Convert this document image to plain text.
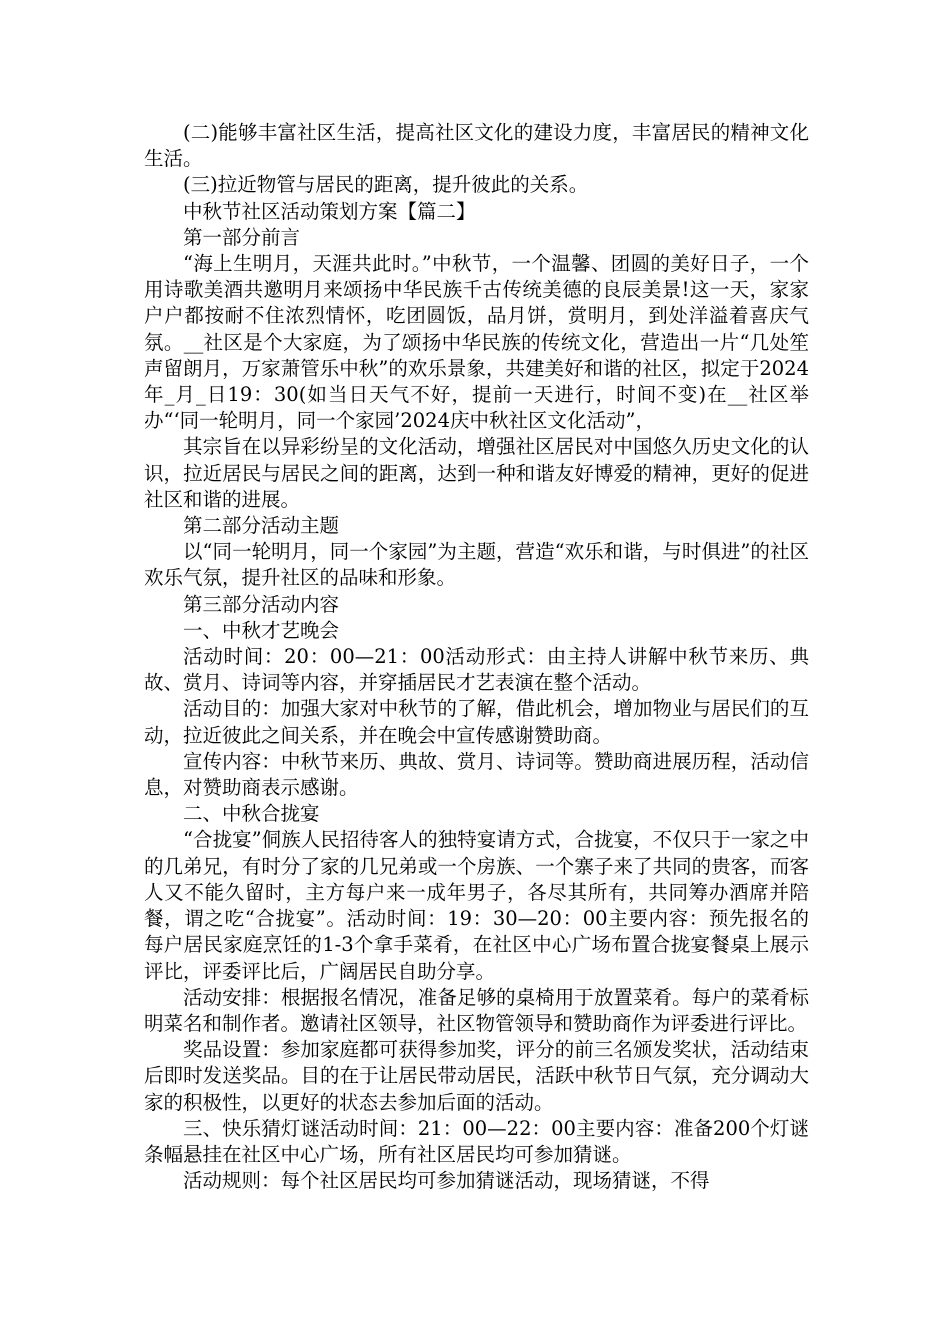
(二)能够丰富社区生活，提高社区文化的建设力度，丰富居民的精神文化生活。

(三)拉近物管与居民的距离，提升彼此的关系。

中秋节社区活动策划方案【篇二】

第一部分前言

“海上生明月，天涯共此时。”中秋节，一个温馨、团圆的美好日子，一个用诗歌美酒共邀明月来颂扬中华民族千古传统美德的良辰美景!这一天，家家户户都按耐不住浓烈情怀，吃团圆饭，品月饼，赏明月，到处洋溢着喜庆气氛。__社区是个大家庭，为了颂扬中华民族的传统文化，营造出一片“几处笙声留朗月，万家萧管乐中秋”的欢乐景象，共建美好和谐的社区，拟定于2024年_月_日19：30(如当日天气不好，提前一天进行，时间不变)在__社区举办“‘同一轮明月，同一个家园’2024庆中秋社区文化活动”，

其宗旨在以异彩纷呈的文化活动，增强社区居民对中国悠久历史文化的认识，拉近居民与居民之间的距离，达到一种和谐友好博爱的精神，更好的促进社区和谐的进展。

第二部分活动主题

以“同一轮明月，同一个家园”为主题，营造“欢乐和谐，与时俱进”的社区欢乐气氛，提升社区的品味和形象。

第三部分活动内容

一、中秋才艺晚会

活动时间：20：00—21：00活动形式：由主持人讲解中秋节来历、典故、赏月、诗词等内容，并穿插居民才艺表演在整个活动。

活动目的：加强大家对中秋节的了解，借此机会，增加物业与居民们的互动，拉近彼此之间关系，并在晚会中宣传感谢赞助商。

宣传内容：中秋节来历、典故、赏月、诗词等。赞助商进展历程，活动信息，对赞助商表示感谢。

二、中秋合拢宴

“合拢宴”侗族人民招待客人的独特宴请方式，合拢宴，不仅只于一家之中的几弟兄，有时分了家的几兄弟或一个房族、一个寨子来了共同的贵客，而客人又不能久留时，主方每户来一成年男子，各尽其所有，共同筹办酒席并陪餐，谓之吃“合拢宴”。活动时间：19：30—20：00主要内容：预先报名的每户居民家庭烹饪的1-3个拿手菜肴，在社区中心广场布置合拢宴餐桌上展示评比，评委评比后，广阔居民自助分享。

活动安排：根据报名情况，准备足够的桌椅用于放置菜肴。每户的菜肴标明菜名和制作者。邀请社区领导，社区物管领导和赞助商作为评委进行评比。

奖品设置：参加家庭都可获得参加奖，评分的前三名颁发奖状，活动结束后即时发送奖品。目的在于让居民带动居民，活跃中秋节日气氛，充分调动大家的积极性，以更好的状态去参加后面的活动。

三、快乐猜灯谜活动时间：21：00—22：00主要内容：准备200个灯谜条幅悬挂在社区中心广场，所有社区居民均可参加猜谜。

活动规则：每个社区居民均可参加猜谜活动，现场猜谜，不得
